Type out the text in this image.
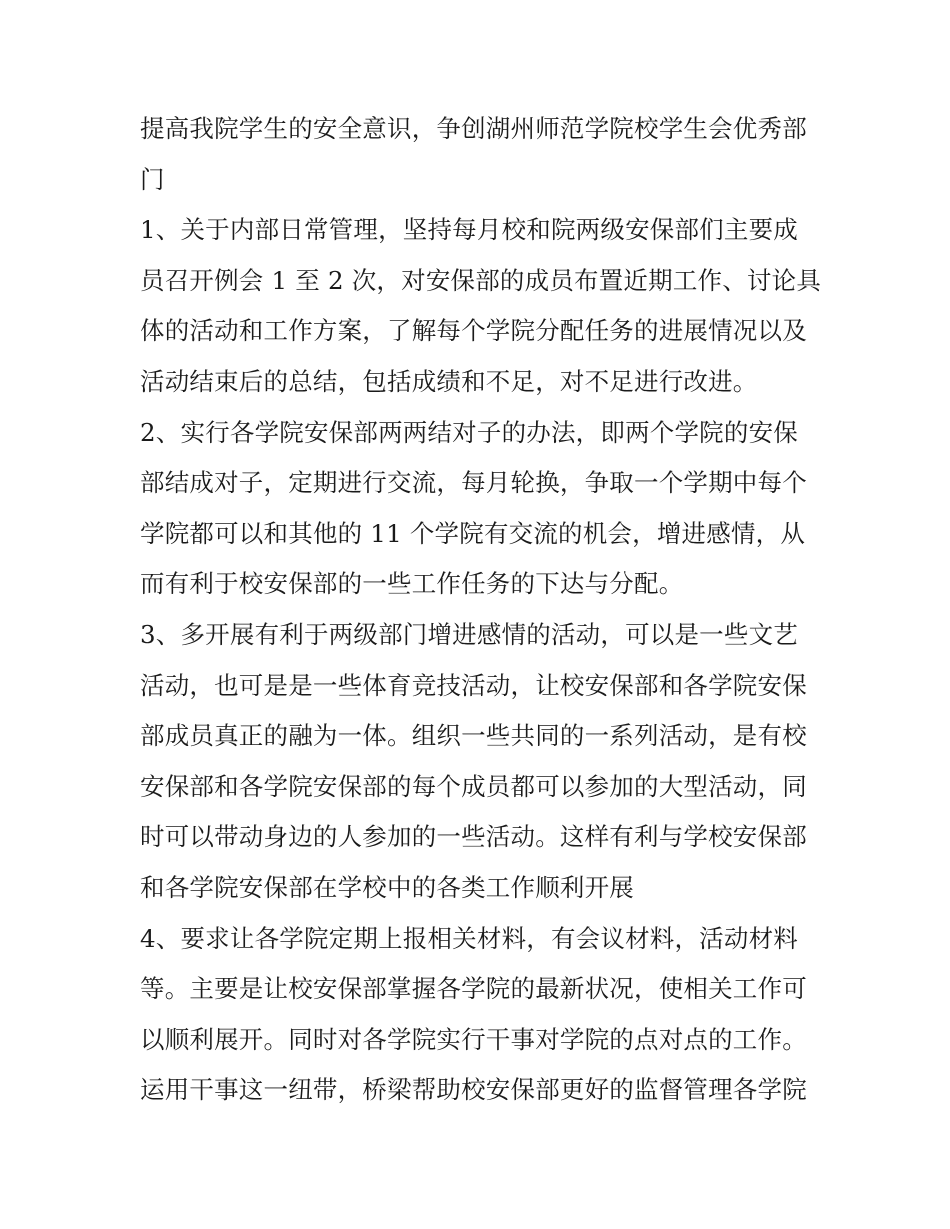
提高我院学生的安全意识，争创湖州师范学院校学生会优秀部
门
1、关于内部日常管理，坚持每月校和院两级安保部们主要成
员召开例会 1 至 2 次，对安保部的成员布置近期工作、讨论具
体的活动和工作方案，了解每个学院分配任务的进展情况以及
活动结束后的总结，包括成绩和不足，对不足进行改进。
2、实行各学院安保部两两结对子的办法，即两个学院的安保
部结成对子，定期进行交流，每月轮换，争取一个学期中每个
学院都可以和其他的 11 个学院有交流的机会，增进感情，从
而有利于校安保部的一些工作任务的下达与分配。
3、多开展有利于两级部门增进感情的活动，可以是一些文艺
活动，也可是是一些体育竞技活动，让校安保部和各学院安保
部成员真正的融为一体。组织一些共同的一系列活动，是有校
安保部和各学院安保部的每个成员都可以参加的大型活动，同
时可以带动身边的人参加的一些活动。这样有利与学校安保部
和各学院安保部在学校中的各类工作顺利开展
4、要求让各学院定期上报相关材料，有会议材料，活动材料
等。主要是让校安保部掌握各学院的最新状况，使相关工作可
以顺利展开。同时对各学院实行干事对学院的点对点的工作。
运用干事这一纽带，桥梁帮助校安保部更好的监督管理各学院
